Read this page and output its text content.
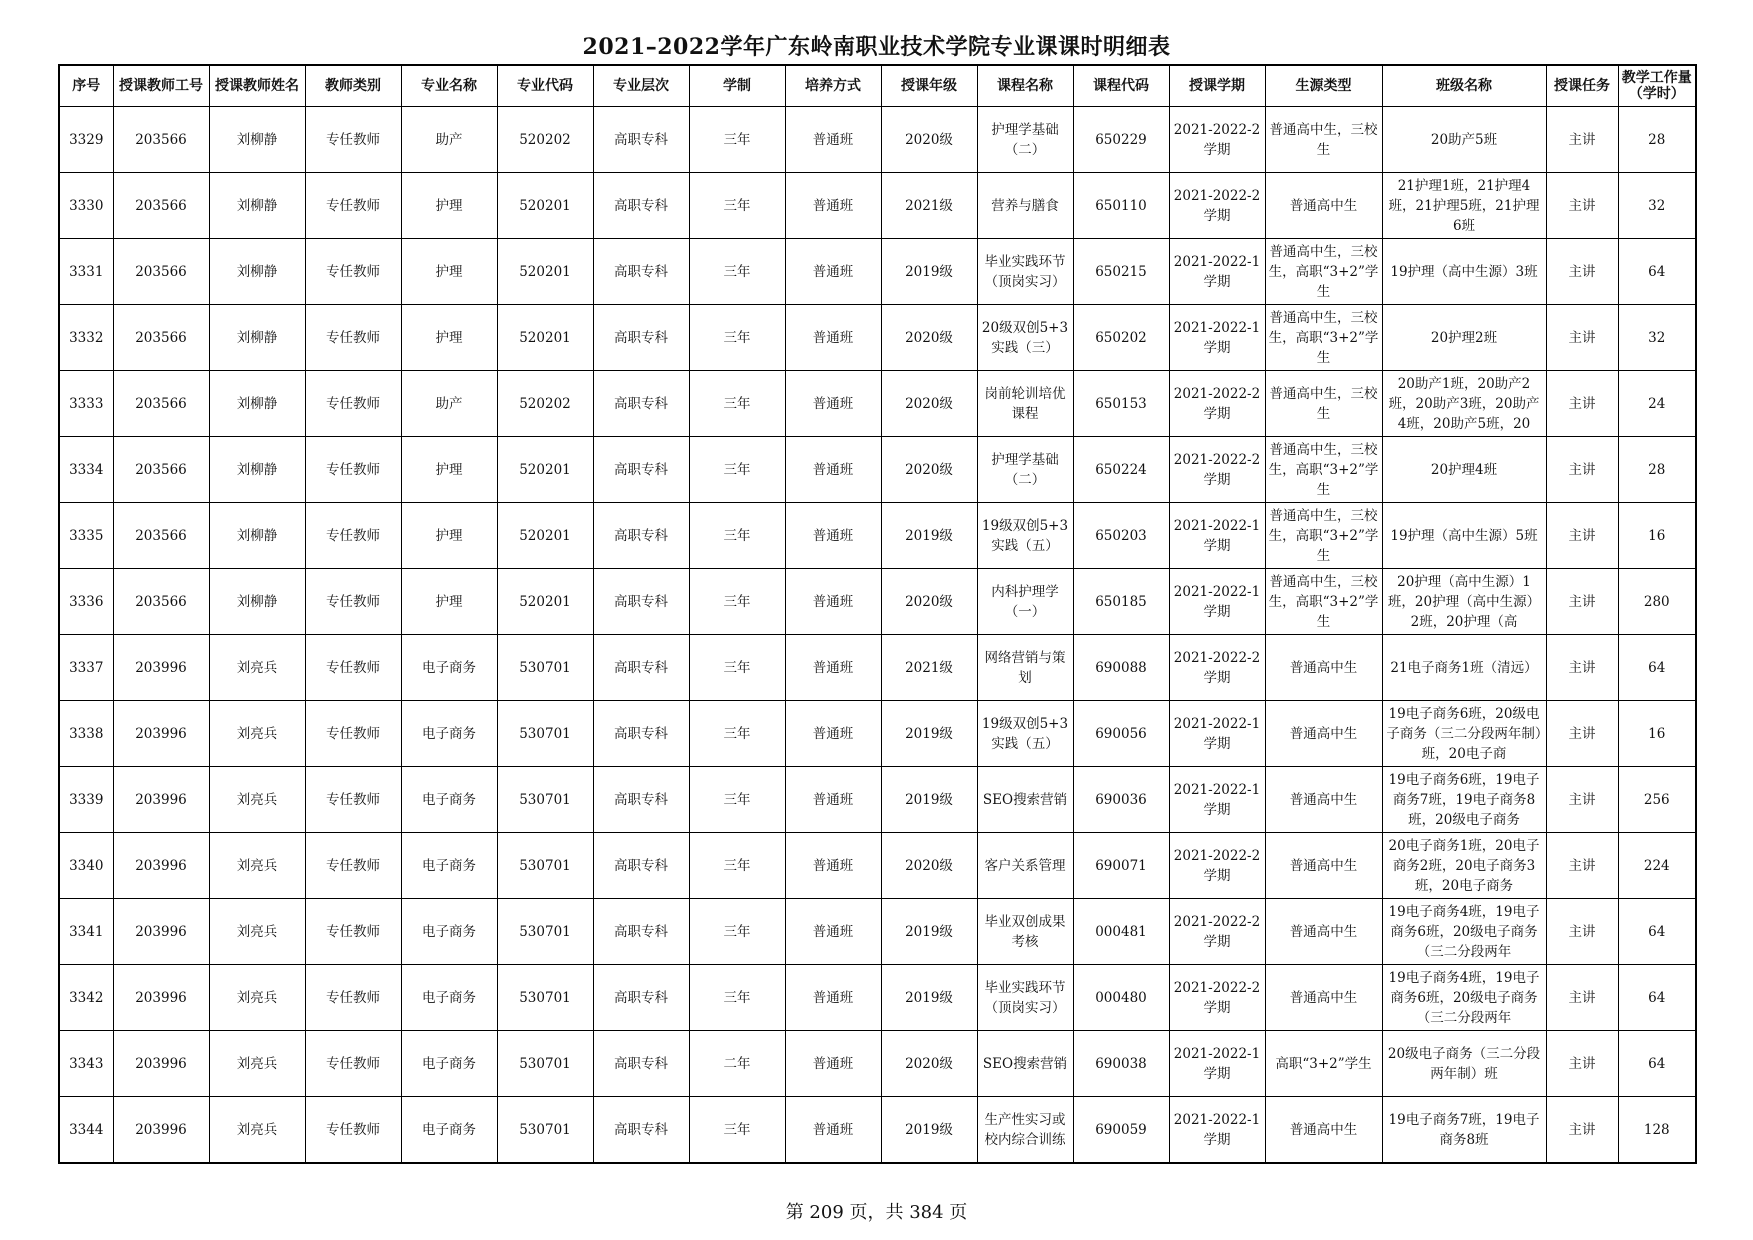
2021–2022学年广东岭南职业技术学院专业课课时明细表
序号	授课教师工号	授课教师姓名	教师类别	专业名称	专业代码	专业层次	学制	培养方式	授课年级	课程名称	课程代码	授课学期	生源类型	班级名称	授课任务	教学工作量（学时）

3329	203566	刘柳静	专任教师	助产	520202	高职专科	三年	普通班	2020级	护理学基础（二）	650229	2021-2022-2学期	普通高中生，三校生	20助产5班	主讲	28

3330	203566	刘柳静	专任教师	护理	520201	高职专科	三年	普通班	2021级	营养与膳食	650110	2021-2022-2学期	普通高中生	21护理1班，21护理4班，21护理5班，21护理6班	主讲	32

3331	203566	刘柳静	专任教师	护理	520201	高职专科	三年	普通班	2019级	毕业实践环节（顶岗实习）	650215	2021-2022-1学期	普通高中生，三校生，高职“3+2”学生	19护理（高中生源）3班	主讲	64

3332	203566	刘柳静	专任教师	护理	520201	高职专科	三年	普通班	2020级	20级双创5+3实践（三）	650202	2021-2022-1学期	普通高中生，三校生，高职“3+2”学生	20护理2班	主讲	32

3333	203566	刘柳静	专任教师	助产	520202	高职专科	三年	普通班	2020级	岗前轮训培优课程	650153	2021-2022-2学期	普通高中生，三校生	20助产1班，20助产2班，20助产3班，20助产4班，20助产5班，20	主讲	24

3334	203566	刘柳静	专任教师	护理	520201	高职专科	三年	普通班	2020级	护理学基础（二）	650224	2021-2022-2学期	普通高中生，三校生，高职“3+2”学生	20护理4班	主讲	28

3335	203566	刘柳静	专任教师	护理	520201	高职专科	三年	普通班	2019级	19级双创5+3实践（五）	650203	2021-2022-1学期	普通高中生，三校生，高职“3+2”学生	19护理（高中生源）5班	主讲	16

3336	203566	刘柳静	专任教师	护理	520201	高职专科	三年	普通班	2020级	内科护理学（一）	650185	2021-2022-1学期	普通高中生，三校生，高职“3+2”学生	20护理（高中生源）1班，20护理（高中生源）2班，20护理（高	主讲	280

3337	203996	刘亮兵	专任教师	电子商务	530701	高职专科	三年	普通班	2021级	网络营销与策划	690088	2021-2022-2学期	普通高中生	21电子商务1班（清远）	主讲	64

3338	203996	刘亮兵	专任教师	电子商务	530701	高职专科	三年	普通班	2019级	19级双创5+3实践（五）	690056	2021-2022-1学期	普通高中生	19电子商务6班，20级电子商务（三二分段两年制）班，20电子商	主讲	16

3339	203996	刘亮兵	专任教师	电子商务	530701	高职专科	三年	普通班	2019级	SEO搜索营销	690036	2021-2022-1学期	普通高中生	19电子商务6班，19电子商务7班，19电子商务8班，20级电子商务	主讲	256

3340	203996	刘亮兵	专任教师	电子商务	530701	高职专科	三年	普通班	2020级	客户关系管理	690071	2021-2022-2学期	普通高中生	20电子商务1班，20电子商务2班，20电子商务3班，20电子商务	主讲	224

3341	203996	刘亮兵	专任教师	电子商务	530701	高职专科	三年	普通班	2019级	毕业双创成果考核	000481	2021-2022-2学期	普通高中生	19电子商务4班，19电子商务6班，20级电子商务（三二分段两年	主讲	64

3342	203996	刘亮兵	专任教师	电子商务	530701	高职专科	三年	普通班	2019级	毕业实践环节（顶岗实习）	000480	2021-2022-2学期	普通高中生	19电子商务4班，19电子商务6班，20级电子商务（三二分段两年	主讲	64

3343	203996	刘亮兵	专任教师	电子商务	530701	高职专科	二年	普通班	2020级	SEO搜索营销	690038	2021-2022-1学期	高职“3+2”学生	20级电子商务（三二分段两年制）班	主讲	64

3344	203996	刘亮兵	专任教师	电子商务	530701	高职专科	三年	普通班	2019级	生产性实习或校内综合训练	690059	2021-2022-1学期	普通高中生	19电子商务7班，19电子商务8班	主讲	128
第 209 页，共 384 页
